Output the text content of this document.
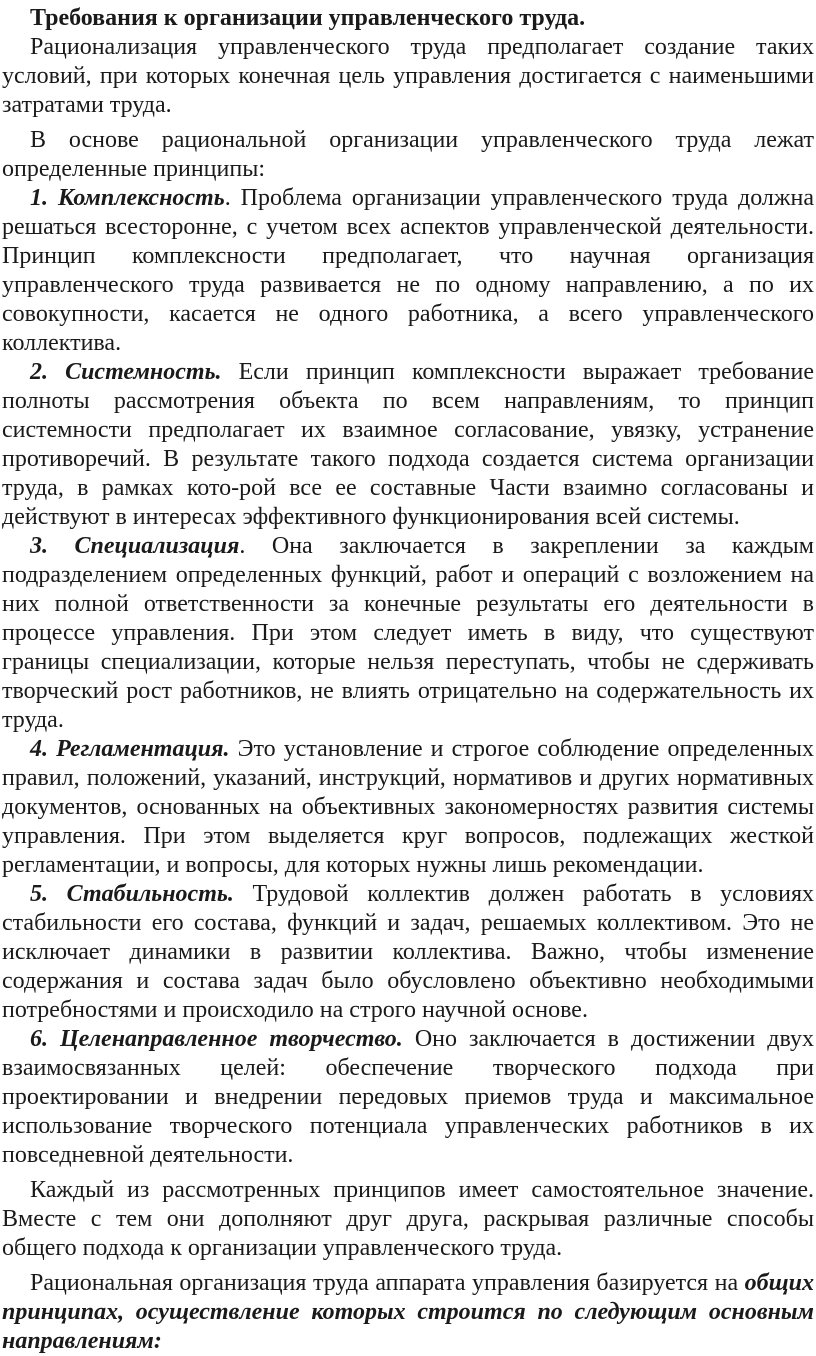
Требования к организации управленческого труда.

Рационализация управленческого труда предполагает создание таких условий, при которых конечная цель управления достигается с наименьшими затратами труда.

В основе рациональной организации управленческого труда лежат определенные принципы:

1. Комплексность. Проблема организации управленческого труда должна решаться всесторонне, с учетом всех аспектов управленческой деятельности. Принцип комплексности предполагает, что научная организация управленческого труда развивается не по одному направлению, а по их совокупности, касается не одного работника, а всего управленческого коллектива.

2. Системность. Если принцип комплексности выражает требование полноты рассмотрения объекта по всем направлениям, то принцип системности предполагает их взаимное согласование, увязку, устранение противоречий. В результате такого подхода создается система организации труда, в рамках кото-рой все ее составные Части взаимно согласованы и действуют в интересах эффективного функционирования всей системы.

3. Специализация. Она заключается в закреплении за каждым подразделением определенных функций, работ и операций с возложением на них полной ответственности за конечные результаты его деятельности в процессе управления. При этом следует иметь в виду, что существуют границы специализации, которые нельзя переступать, чтобы не сдерживать творческий рост работников, не влиять отрицательно на содержательность их труда.

4. Регламентация. Это установление и строгое соблюдение определенных правил, положений, указаний, инструкций, нормативов и других нормативных документов, основанных на объективных закономерностях развития системы управления. При этом выделяется круг вопросов, подлежащих жесткой регламентации, и вопросы, для которых нужны лишь рекомендации.

5. Стабильность. Трудовой коллектив должен работать в условиях стабильности его состава, функций и задач, решаемых коллективом. Это не исключает динамики в развитии коллектива. Важно, чтобы изменение содержания и состава задач было обусловлено объективно необходимыми потребностями и происходило на строго научной основе.

6. Целенаправленное творчество. Оно заключается в достижении двух взаимосвязанных целей: обеспечение творческого подхода при проектировании и внедрении передовых приемов труда и максимальное использование творческого потенциала управленческих работников в их повседневной деятельности.

Каждый из рассмотренных принципов имеет самостоятельное значение. Вместе с тем они дополняют друг друга, раскрывая различные способы общего подхода к организации управленческого труда.

Рациональная организация труда аппарата управления базируется на общих принципах, осуществление которых строится по следующим основным направлениям:
